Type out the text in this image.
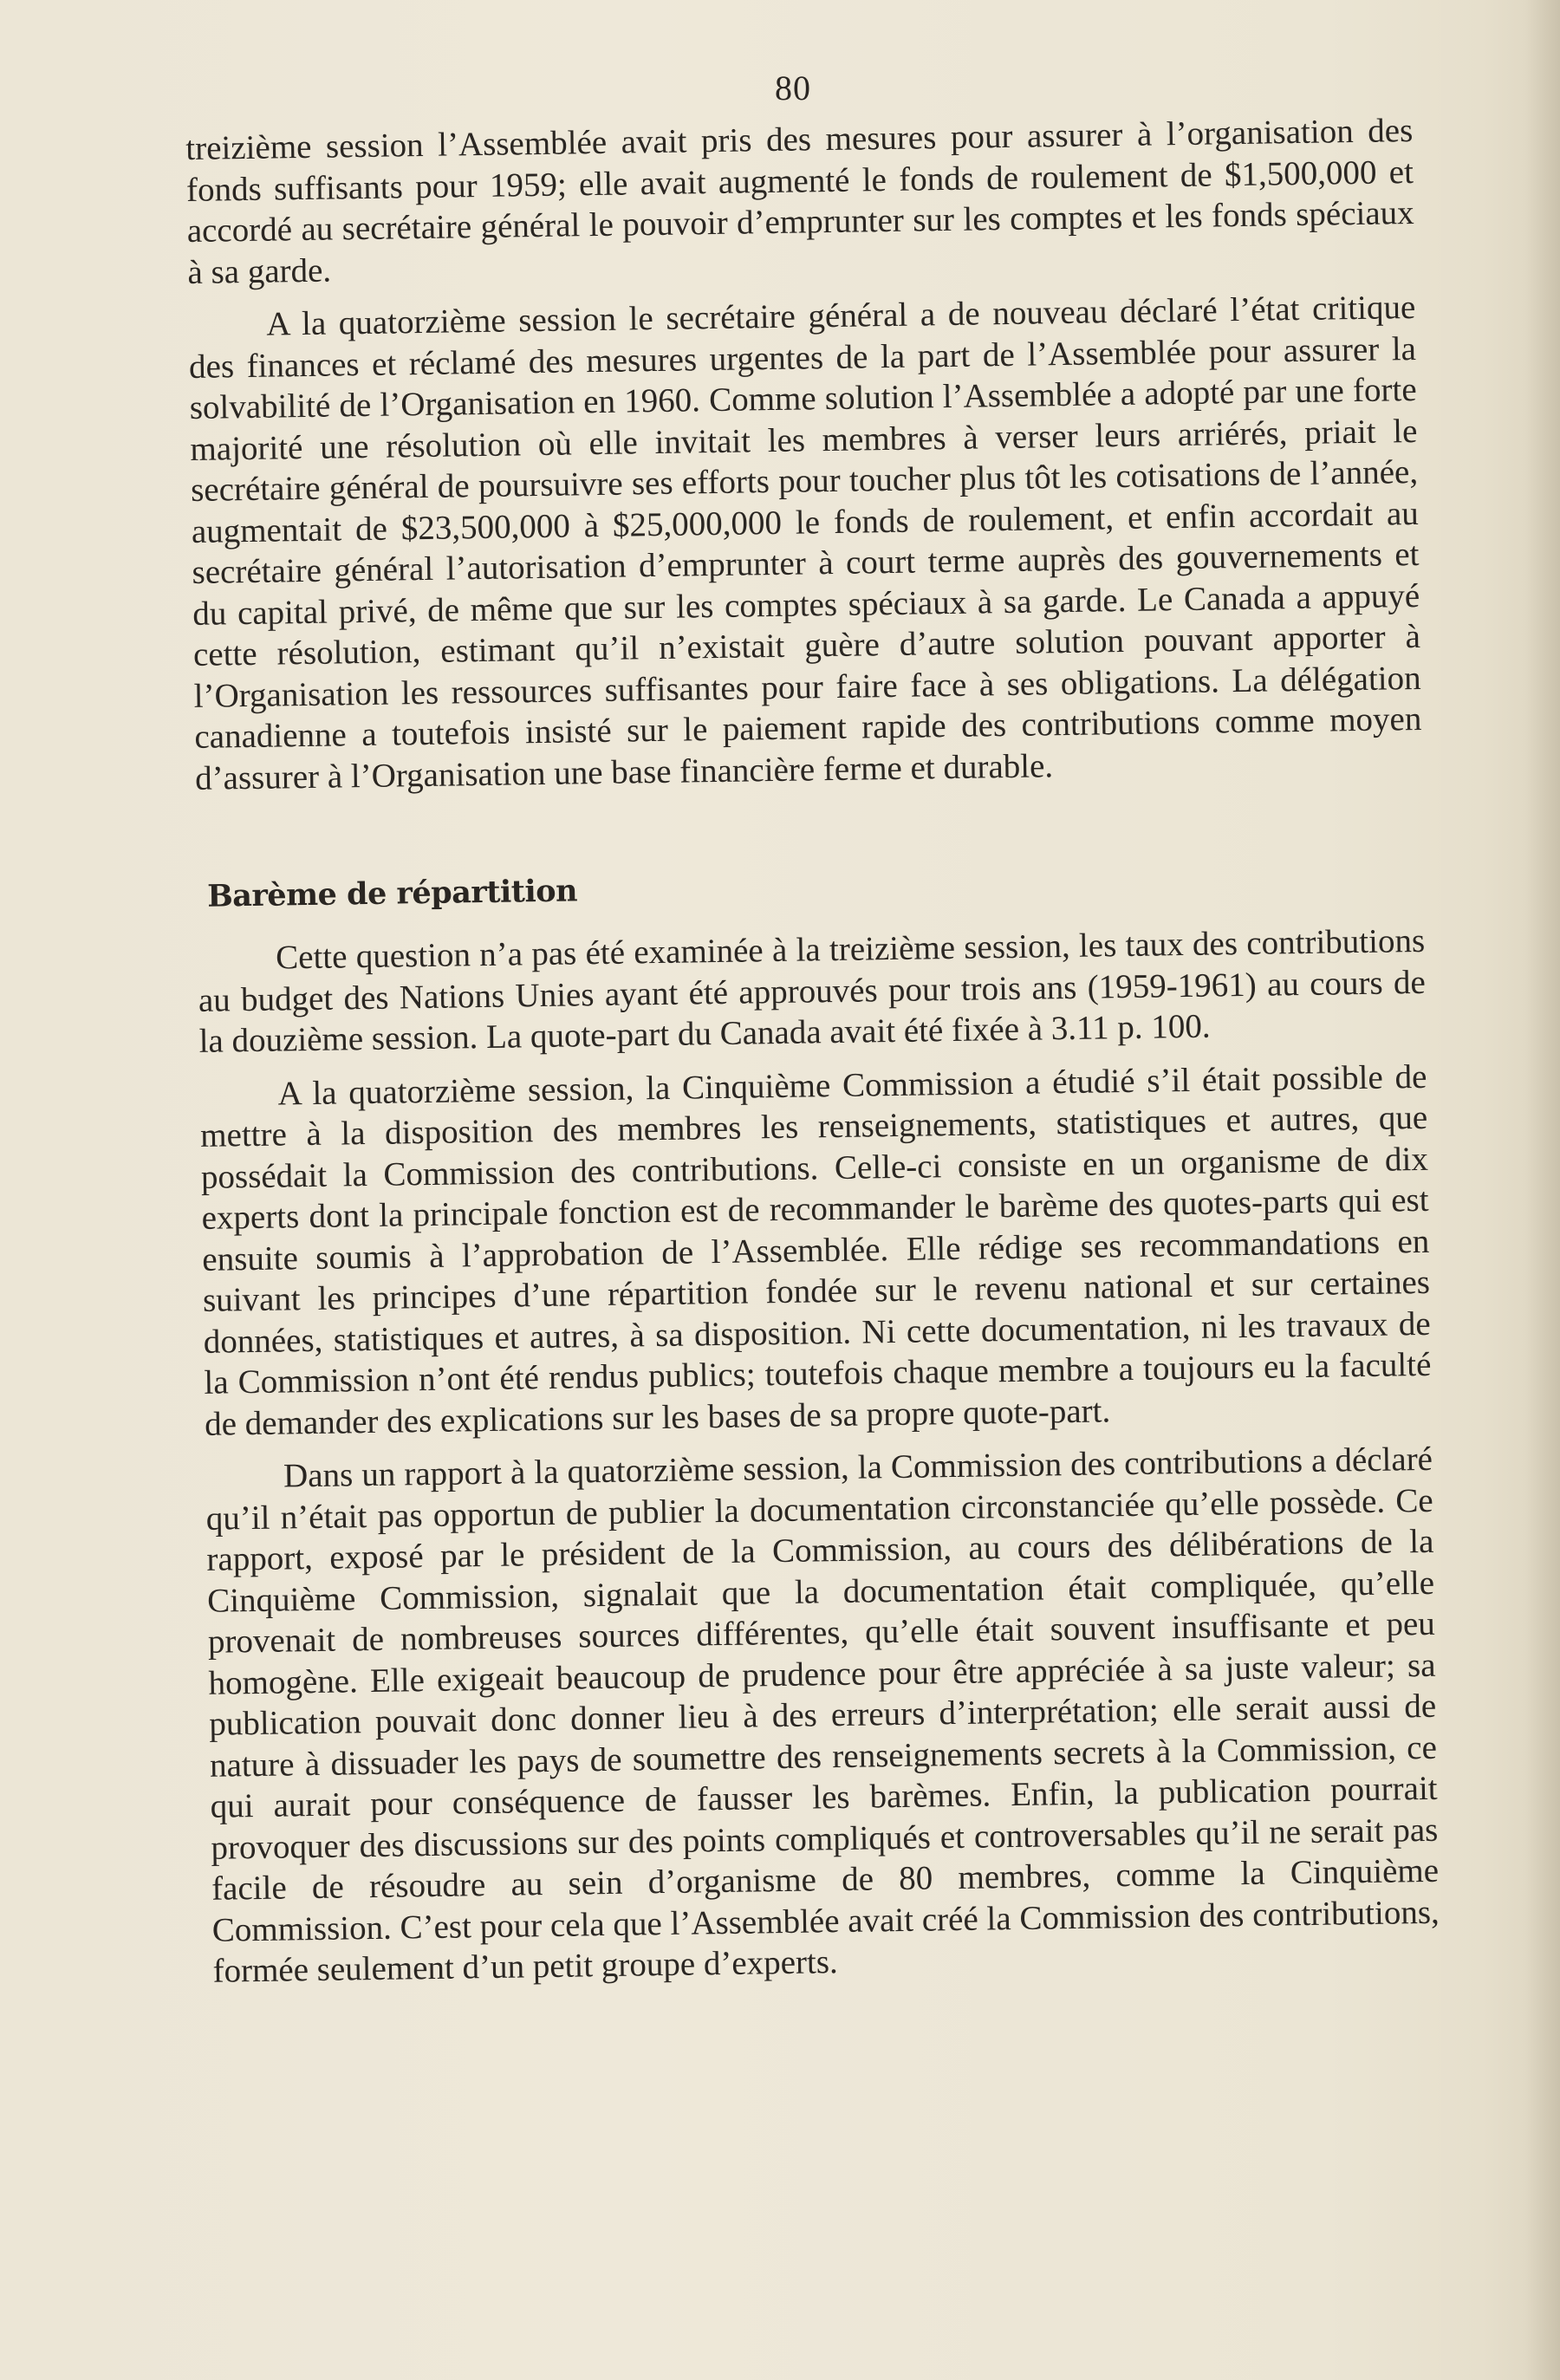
80

treizième session l’Assemblée avait pris des mesures pour assurer à l’organisation des fonds suffisants pour 1959; elle avait augmenté le fonds de roulement de $1,500,000 et accordé au secrétaire général le pouvoir d’emprunter sur les comptes et les fonds spéciaux à sa garde.

A la quatorzième session le secrétaire général a de nouveau déclaré l’état critique des finances et réclamé des mesures urgentes de la part de l’Assemblée pour assurer la solvabilité de l’Organisation en 1960. Comme solution l’Assemblée a adopté par une forte majorité une résolution où elle invitait les membres à verser leurs arriérés, priait le secrétaire général de poursuivre ses efforts pour toucher plus tôt les cotisations de l’année, augmentait de $23,500,000 à $25,000,000 le fonds de roulement, et enfin accordait au secrétaire général l’autorisation d’emprunter à court terme auprès des gouvernements et du capital privé, de même que sur les comptes spéciaux à sa garde. Le Canada a appuyé cette résolution, estimant qu’il n’existait guère d’autre solution pouvant apporter à l’Organisation les ressources suffisantes pour faire face à ses obligations. La délégation canadienne a toutefois insisté sur le paiement rapide des contributions comme moyen d’assurer à l’Organisation une base financière ferme et durable.

Barème de répartition

Cette question n’a pas été examinée à la treizième session, les taux des contributions au budget des Nations Unies ayant été approuvés pour trois ans (1959-1961) au cours de la douzième session. La quote-part du Canada avait été fixée à 3.11 p. 100.

A la quatorzième session, la Cinquième Commission a étudié s’il était possible de mettre à la disposition des membres les renseignements, statistiques et autres, que possédait la Commission des contributions. Celle-ci consiste en un organisme de dix experts dont la principale fonction est de recommander le barème des quotes-parts qui est ensuite soumis à l’approbation de l’Assemblée. Elle rédige ses recommandations en suivant les principes d’une répartition fondée sur le revenu national et sur certaines données, statistiques et autres, à sa disposition. Ni cette documentation, ni les travaux de la Commission n’ont été rendus publics; toutefois chaque membre a toujours eu la faculté de demander des explications sur les bases de sa propre quote-part.

Dans un rapport à la quatorzième session, la Commission des contributions a déclaré qu’il n’était pas opportun de publier la documentation circonstanciée qu’elle possède. Ce rapport, exposé par le président de la Commission, au cours des délibérations de la Cinquième Commission, signalait que la documentation était compliquée, qu’elle provenait de nombreuses sources différentes, qu’elle était souvent insuffisante et peu homogène. Elle exigeait beaucoup de prudence pour être appréciée à sa juste valeur; sa publication pouvait donc donner lieu à des erreurs d’interprétation; elle serait aussi de nature à dissuader les pays de soumettre des renseignements secrets à la Commission, ce qui aurait pour conséquence de fausser les barèmes. Enfin, la publication pourrait provoquer des discussions sur des points compliqués et controversables qu’il ne serait pas facile de résoudre au sein d’organisme de 80 membres, comme la Cinquième Commission. C’est pour cela que l’Assemblée avait créé la Commission des contributions, formée seulement d’un petit groupe d’experts.
